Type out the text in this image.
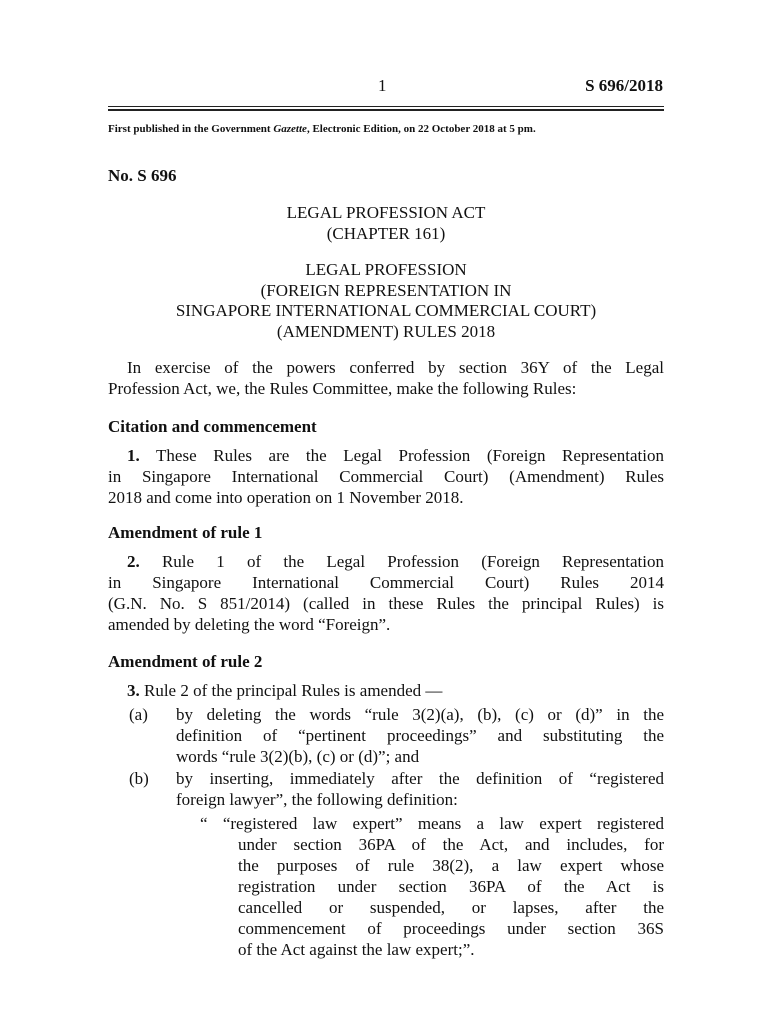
1	S 696/2018
First published in the Government Gazette, Electronic Edition, on 22 October 2018 at 5 pm.
No. S 696
LEGAL PROFESSION ACT
(CHAPTER 161)
LEGAL PROFESSION
(FOREIGN REPRESENTATION IN
SINGAPORE INTERNATIONAL COMMERCIAL COURT)
(AMENDMENT) RULES 2018
In exercise of the powers conferred by section 36Y of the Legal
Profession Act, we, the Rules Committee, make the following Rules:
Citation and commencement
1. These Rules are the Legal Profession (Foreign Representation
in Singapore International Commercial Court) (Amendment) Rules
2018 and come into operation on 1 November 2018.
Amendment of rule 1
2. Rule 1 of the Legal Profession (Foreign Representation
in Singapore International Commercial Court) Rules 2014
(G.N. No. S 851/2014) (called in these Rules the principal Rules) is
amended by deleting the word “Foreign”.
Amendment of rule 2
3. Rule 2 of the principal Rules is amended —
(a) by deleting the words “rule 3(2)(a), (b), (c) or (d)” in the
definition of “pertinent proceedings” and substituting the
words “rule 3(2)(b), (c) or (d)”; and
(b) by inserting, immediately after the definition of “registered
foreign lawyer”, the following definition:
“ “registered law expert” means a law expert registered
under section 36PA of the Act, and includes, for
the purposes of rule 38(2), a law expert whose
registration under section 36PA of the Act is
cancelled or suspended, or lapses, after the
commencement of proceedings under section 36S
of the Act against the law expert;”.
